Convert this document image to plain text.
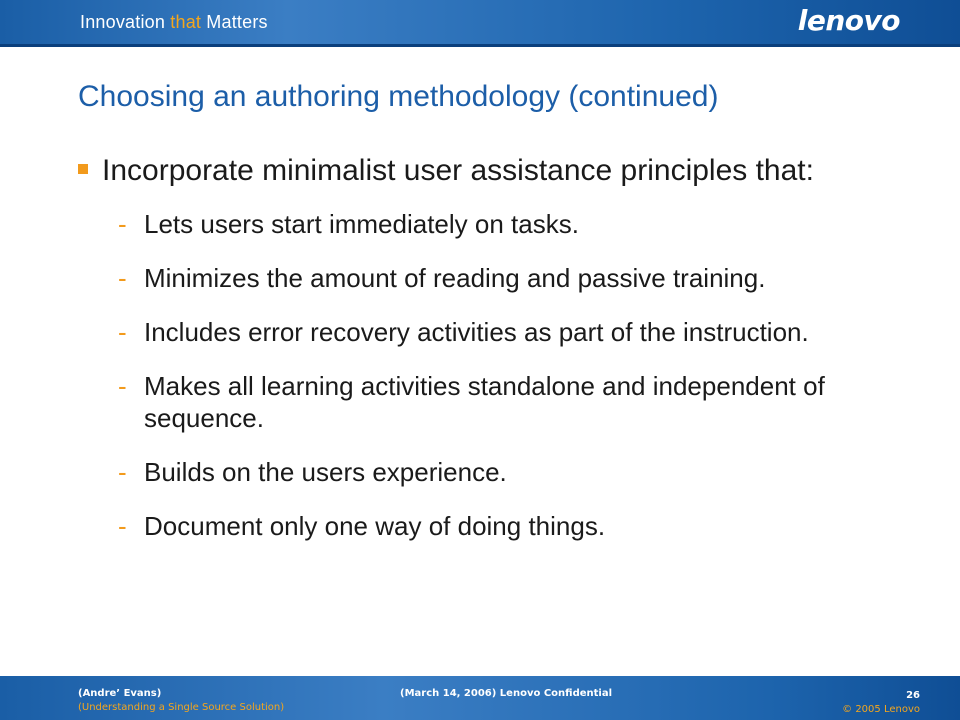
Innovation that Matters	lenovo
Choosing an authoring methodology (continued)
Incorporate minimalist user assistance principles that:
- Lets users start immediately on tasks.
- Minimizes the amount of reading and passive training.
- Includes error recovery activities as part of the instruction.
- Makes all learning activities standalone and independent of sequence.
- Builds on the users experience.
- Document only one way of doing things.
(Andre’ Evans)
(Understanding a Single Source Solution)
(March 14, 2006) Lenovo Confidential	26
© 2005 Lenovo
